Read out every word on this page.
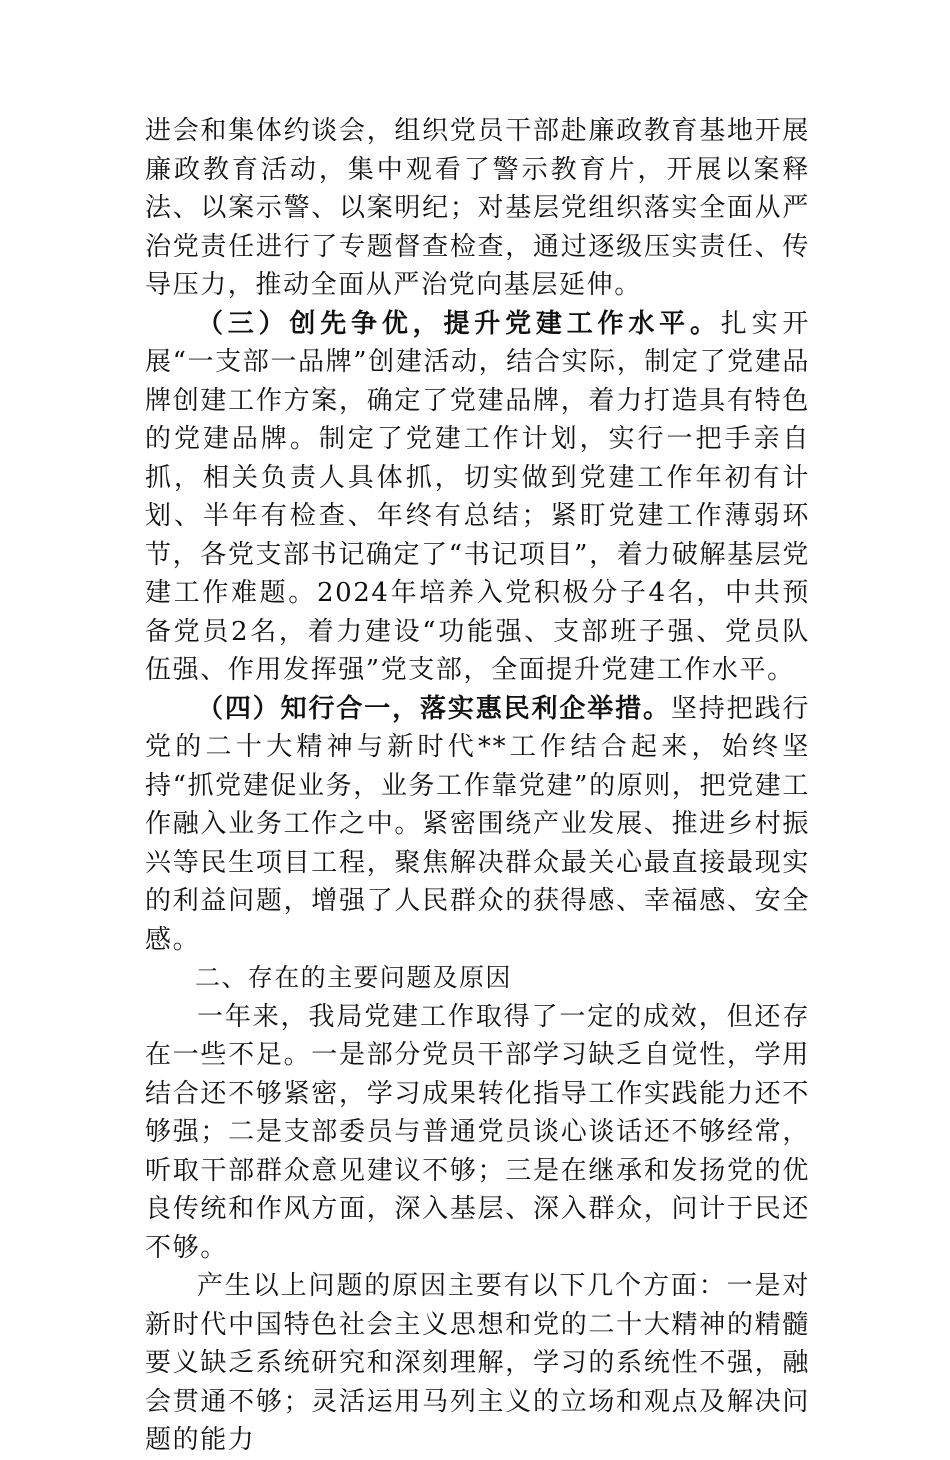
进会和集体约谈会，组织党员干部赴廉政教育基地开展廉政教育活动，集中观看了警示教育片，开展以案释法、以案示警、以案明纪；对基层党组织落实全面从严治党责任进行了专题督查检查，通过逐级压实责任、传导压力，推动全面从严治党向基层延伸。

（三）创先争优，提升党建工作水平。扎实开展“一支部一品牌”创建活动，结合实际，制定了党建品牌创建工作方案，确定了党建品牌，着力打造具有特色的党建品牌。制定了党建工作计划，实行一把手亲自抓，相关负责人具体抓，切实做到党建工作年初有计划、半年有检查、年终有总结；紧盯党建工作薄弱环节，各党支部书记确定了“书记项目”，着力破解基层党建工作难题。2024年培养入党积极分子4名，中共预备党员2名，着力建设“功能强、支部班子强、党员队伍强、作用发挥强”党支部，全面提升党建工作水平。

（四）知行合一，落实惠民利企举措。坚持把践行党的二十大精神与新时代**工作结合起来，始终坚持“抓党建促业务，业务工作靠党建”的原则，把党建工作融入业务工作之中。紧密围绕产业发展、推进乡村振兴等民生项目工程，聚焦解决群众最关心最直接最现实的利益问题，增强了人民群众的获得感、幸福感、安全感。

二、存在的主要问题及原因

一年来，我局党建工作取得了一定的成效，但还存在一些不足。一是部分党员干部学习缺乏自觉性，学用结合还不够紧密，学习成果转化指导工作实践能力还不够强；二是支部委员与普通党员谈心谈话还不够经常，听取干部群众意见建议不够；三是在继承和发扬党的优良传统和作风方面，深入基层、深入群众，问计于民还不够。

产生以上问题的原因主要有以下几个方面：一是对新时代中国特色社会主义思想和党的二十大精神的精髓要义缺乏系统研究和深刻理解，学习的系统性不强，融会贯通不够；灵活运用马列主义的立场和观点及解决问题的能力
